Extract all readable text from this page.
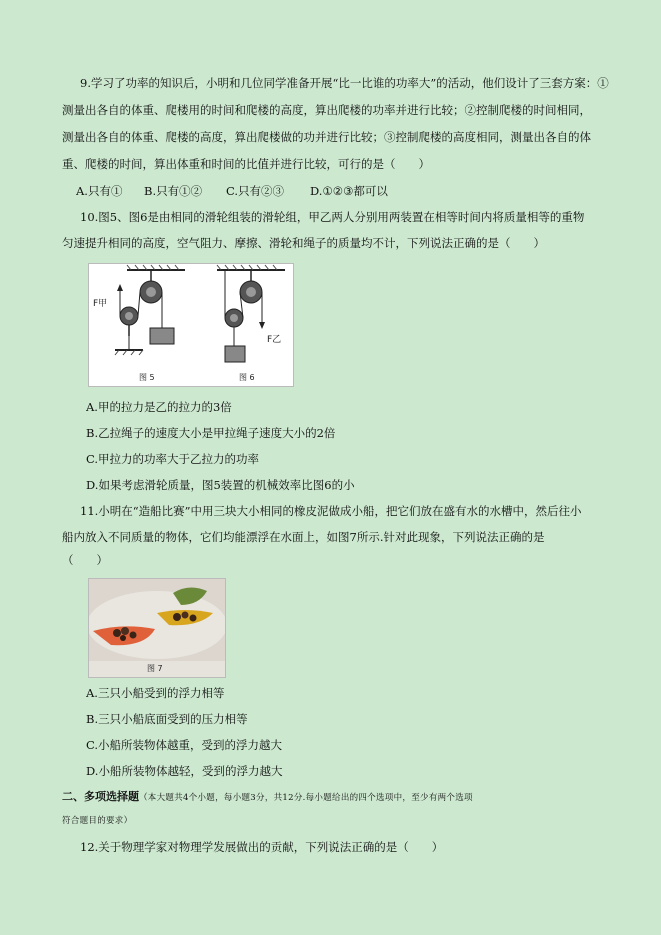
9.学习了功率的知识后，小明和几位同学准备开展“比一比谁的功率大”的活动，他们设计了三套方案：①
测量出各自的体重、爬楼用的时间和爬楼的高度，算出爬楼的功率并进行比较；②控制爬楼的时间相同，
测量出各自的体重、爬楼的高度，算出爬楼做的功并进行比较；③控制爬楼的高度相同，测量出各自的体
重、爬楼的时间，算出体重和时间的比值并进行比较，可行的是（　　）
A.只有① B.只有①② C.只有②③ D.①②③都可以
10.图5、图6是由相同的滑轮组装的滑轮组，甲乙两人分别用两装置在相等时间内将质量相等的重物
匀速提升相同的高度，空气阻力、摩擦、滑轮和绳子的质量均不计，下列说法正确的是（　　）
F甲
F乙
图 5	图 6
A.甲的拉力是乙的拉力的3倍
B.乙拉绳子的速度大小是甲拉绳子速度大小的2倍
C.甲拉力的功率大于乙拉力的功率
D.如果考虑滑轮质量，图5装置的机械效率比图6的小
11.小明在“造船比赛”中用三块大小相同的橡皮泥做成小船，把它们放在盛有水的水槽中，然后往小
船内放入不同质量的物体，它们均能漂浮在水面上，如图7所示.针对此现象，下列说法正确的是
（　　）
图 7
A.三只小船受到的浮力相等
B.三只小船底面受到的压力相等
C.小船所装物体越重，受到的浮力越大
D.小船所装物体越轻，受到的浮力越大
二、多项选择题（本大题共4个小题，每小题3分，共12分.每小题给出的四个选项中，至少有两个选项
符合题目的要求）
12.关于物理学家对物理学发展做出的贡献，下列说法正确的是（　　）
